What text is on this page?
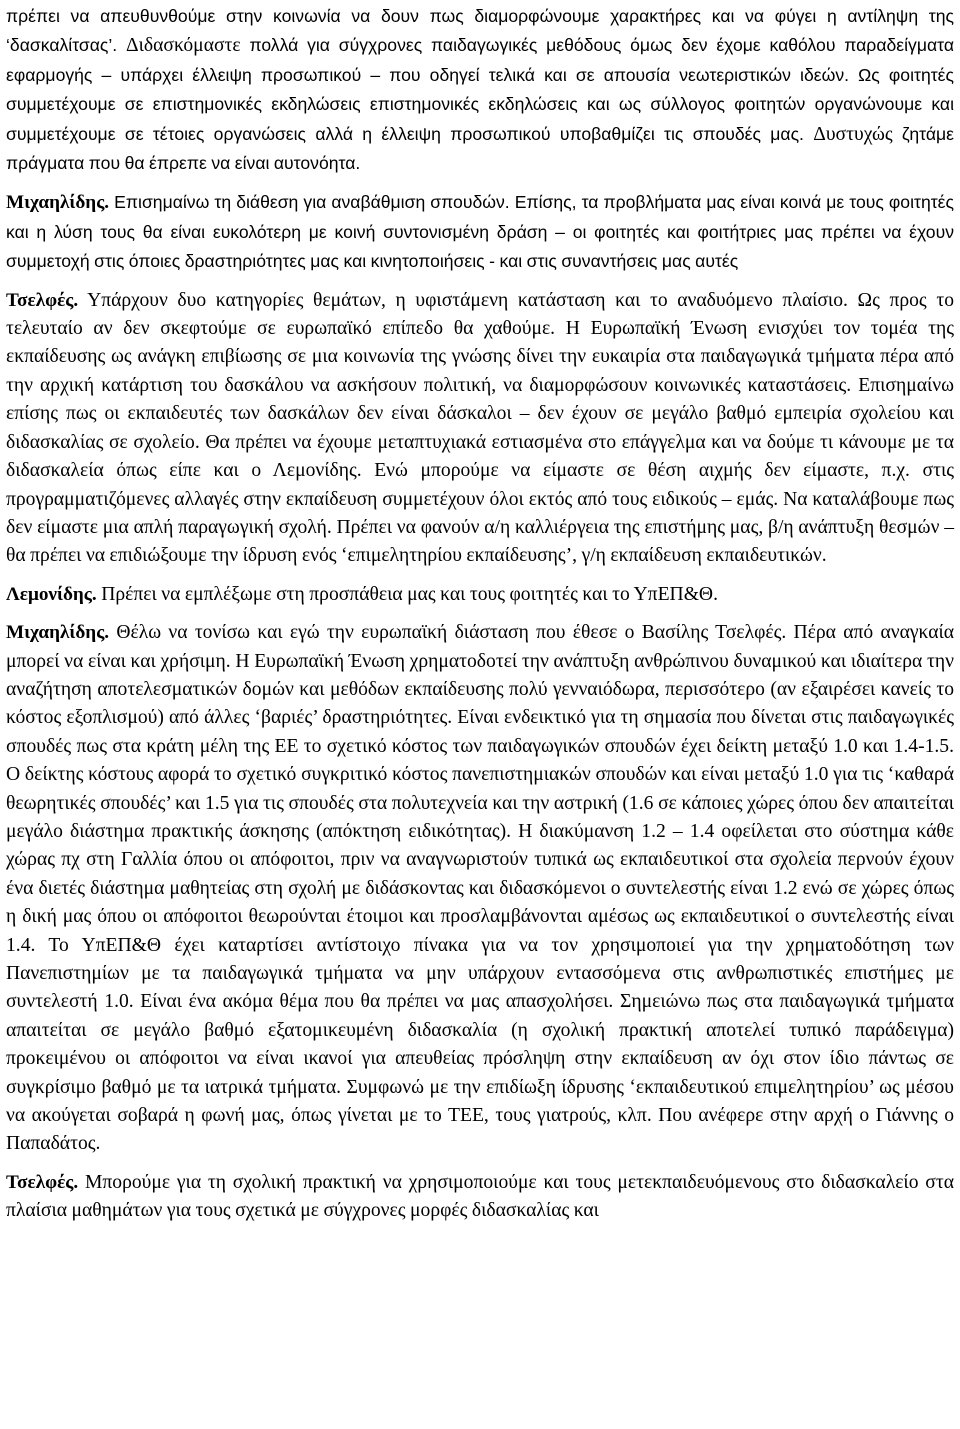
πρέπει να απευθυνθούμε στην κοινωνία να δουν πως διαμορφώνουμε χαρακτήρες και να φύγει η αντίληψη της ‘δασκαλίτσας’. Διδασκόμαστε πολλά για σύγχρονες παιδαγωγικές μεθόδους όμως δεν έχομε καθόλου παραδείγματα εφαρμογής – υπάρχει έλλειψη προσωπικού – που οδηγεί τελικά και σε απουσία νεωτεριστικών ιδεών. Ως φοιτητές συμμετέχουμε σε επιστημονικές εκδηλώσεις επιστημονικές εκδηλώσεις και ως σύλλογος φοιτητών οργανώνουμε και συμμετέχουμε σε τέτοιες οργανώσεις αλλά η έλλειψη προσωπικού υποβαθμίζει τις σπουδές μας. Δυστυχώς ζητάμε πράγματα που θα έπρεπε να είναι αυτονόητα.

Μιχαηλίδης. Επισημαίνω τη διάθεση για αναβάθμιση σπουδών. Επίσης, τα προβλήματα μας είναι κοινά με τους φοιτητές και η λύση τους θα είναι ευκολότερη με κοινή συντονισμένη δράση – οι φοιτητές και φοιτήτριες μας πρέπει να έχουν συμμετοχή στις όποιες δραστηριότητες μας και κινητοποιήσεις - και στις συναντήσεις μας αυτές

Τσελφές. Υπάρχουν δυο κατηγορίες θεμάτων, η υφιστάμενη κατάσταση και το αναδυόμενο πλαίσιο. Ως προς το τελευταίο αν δεν σκεφτούμε σε ευρωπαϊκό επίπεδο θα χαθούμε. Η Ευρωπαϊκή Ένωση ενισχύει τον τομέα της εκπαίδευσης ως ανάγκη επιβίωσης σε μια κοινωνία της γνώσης δίνει την ευκαιρία στα παιδαγωγικά τμήματα πέρα από την αρχική κατάρτιση του δασκάλου να ασκήσουν πολιτική, να διαμορφώσουν κοινωνικές καταστάσεις. Επισημαίνω επίσης πως οι εκπαιδευτές των δασκάλων δεν είναι δάσκαλοι – δεν έχουν σε μεγάλο βαθμό εμπειρία σχολείου και διδασκαλίας σε σχολείο. Θα πρέπει να έχουμε μεταπτυχιακά εστιασμένα στο επάγγελμα και να δούμε τι κάνουμε με τα διδασκαλεία όπως είπε και ο Λεμονίδης. Ενώ μπορούμε να είμαστε σε θέση αιχμής δεν είμαστε, π.χ. στις προγραμματιζόμενες αλλαγές στην εκπαίδευση συμμετέχουν όλοι εκτός από τους ειδικούς – εμάς. Να καταλάβουμε πως δεν είμαστε μια απλή παραγωγική σχολή. Πρέπει να φανούν α/η καλλιέργεια της επιστήμης μας, β/η ανάπτυξη θεσμών – θα πρέπει να επιδιώξουμε την ίδρυση ενός ‘επιμελητηρίου εκπαίδευσης’, γ/η εκπαίδευση εκπαιδευτικών.

Λεμονίδης. Πρέπει να εμπλέξωμε στη προσπάθεια μας και τους φοιτητές και το ΥπΕΠ&Θ.

Μιχαηλίδης. Θέλω να τονίσω και εγώ την ευρωπαϊκή διάσταση που έθεσε ο Βασίλης Τσελφές. Πέρα από αναγκαία μπορεί να είναι και χρήσιμη. Η Ευρωπαϊκή Ένωση χρηματοδοτεί την ανάπτυξη ανθρώπινου δυναμικού και ιδιαίτερα την αναζήτηση αποτελεσματικών δομών και μεθόδων εκπαίδευσης πολύ γενναιόδωρα, περισσότερο (αν εξαιρέσει κανείς το κόστος εξοπλισμού) από άλλες ‘βαριές’ δραστηριότητες. Είναι ενδεικτικό για τη σημασία που δίνεται στις παιδαγωγικές σπουδές πως στα κράτη μέλη της ΕΕ το σχετικό κόστος των παιδαγωγικών σπουδών έχει δείκτη μεταξύ 1.0 και 1.4-1.5. Ο δείκτης κόστους αφορά το σχετικό συγκριτικό κόστος πανεπιστημιακών σπουδών και είναι μεταξύ 1.0 για τις ‘καθαρά θεωρητικές σπουδές’ και 1.5 για τις σπουδές στα πολυτεχνεία και την αστρική (1.6 σε κάποιες χώρες όπου δεν απαιτείται μεγάλο διάστημα πρακτικής άσκησης (απόκτηση ειδικότητας). Η διακύμανση 1.2 – 1.4 οφείλεται στο σύστημα κάθε χώρας πχ στη Γαλλία όπου οι απόφοιτοι, πριν να αναγνωριστούν τυπικά ως εκπαιδευτικοί στα σχολεία περνούν έχουν ένα διετές διάστημα μαθητείας στη σχολή με διδάσκοντας και διδασκόμενοι ο συντελεστής είναι 1.2 ενώ σε χώρες όπως η δική μας όπου οι απόφοιτοι θεωρούνται έτοιμοι και προσλαμβάνονται αμέσως ως εκπαιδευτικοί ο συντελεστής είναι 1.4. Το ΥπΕΠ&Θ έχει καταρτίσει αντίστοιχο πίνακα για να τον χρησιμοποιεί για την χρηματοδότηση των Πανεπιστημίων με τα παιδαγωγικά τμήματα να μην υπάρχουν εντασσόμενα στις ανθρωπιστικές επιστήμες με συντελεστή 1.0. Είναι ένα ακόμα θέμα που θα πρέπει να μας απασχολήσει. Σημειώνω πως στα παιδαγωγικά τμήματα απαιτείται σε μεγάλο βαθμό εξατομικευμένη διδασκαλία (η σχολική πρακτική αποτελεί τυπικό παράδειγμα) προκειμένου οι απόφοιτοι να είναι ικανοί για απευθείας πρόσληψη στην εκπαίδευση αν όχι στον ίδιο πάντως σε συγκρίσιμο βαθμό με τα ιατρικά τμήματα. Συμφωνώ με την επιδίωξη ίδρυσης ‘εκπαιδευτικού επιμελητηρίου’ ως μέσου να ακούγεται σοβαρά η φωνή μας, όπως γίνεται με το ΤΕΕ, τους γιατρούς, κλπ. Που ανέφερε στην αρχή ο Γιάννης ο Παπαδάτος.

Τσελφές. Μπορούμε για τη σχολική πρακτική να χρησιμοποιούμε και τους μετεκπαιδευόμενους στο διδασκαλείο στα πλαίσια μαθημάτων για τους σχετικά με σύγχρονες μορφές διδασκαλίας και
